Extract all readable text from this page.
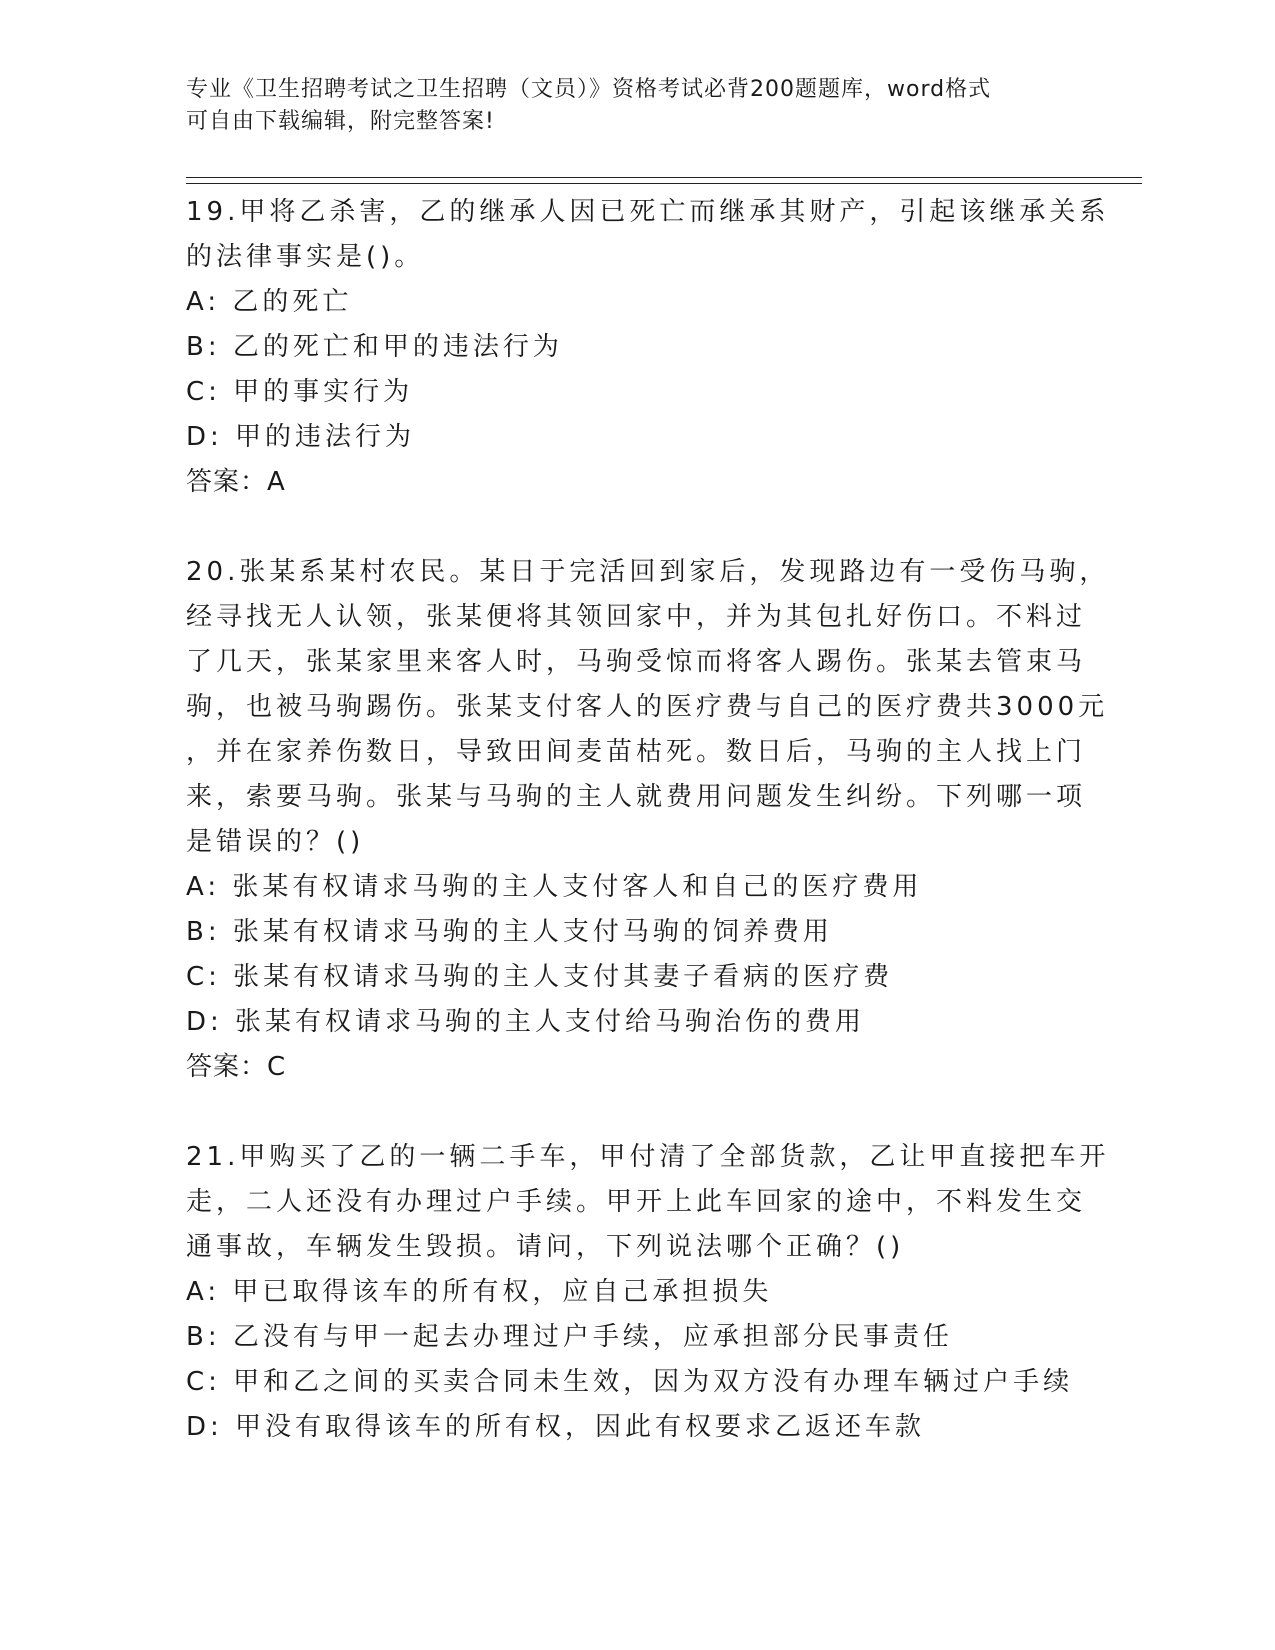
专业《卫生招聘考试之卫生招聘（文员）》资格考试必背200题题库，word格式
可自由下载编辑，附完整答案!
19.甲将乙杀害，乙的继承人因已死亡而继承其财产，引起该继承关系
的法律事实是()。
A: 乙的死亡
B: 乙的死亡和甲的违法行为
C: 甲的事实行为
D: 甲的违法行为
答案：A
20.张某系某村农民。某日于完活回到家后，发现路边有一受伤马驹，
经寻找无人认领，张某便将其领回家中，并为其包扎好伤口。不料过
了几天，张某家里来客人时，马驹受惊而将客人踢伤。张某去管束马
驹，也被马驹踢伤。张某支付客人的医疗费与自己的医疗费共3000元
，并在家养伤数日，导致田间麦苗枯死。数日后，马驹的主人找上门
来，索要马驹。张某与马驹的主人就费用问题发生纠纷。下列哪一项
是错误的？()
A: 张某有权请求马驹的主人支付客人和自己的医疗费用
B: 张某有权请求马驹的主人支付马驹的饲养费用
C: 张某有权请求马驹的主人支付其妻子看病的医疗费
D: 张某有权请求马驹的主人支付给马驹治伤的费用
答案：C
21.甲购买了乙的一辆二手车，甲付清了全部货款，乙让甲直接把车开
走，二人还没有办理过户手续。甲开上此车回家的途中，不料发生交
通事故，车辆发生毁损。请问，下列说法哪个正确？()
A: 甲已取得该车的所有权，应自己承担损失
B: 乙没有与甲一起去办理过户手续，应承担部分民事责任
C: 甲和乙之间的买卖合同未生效，因为双方没有办理车辆过户手续
D: 甲没有取得该车的所有权，因此有权要求乙返还车款
